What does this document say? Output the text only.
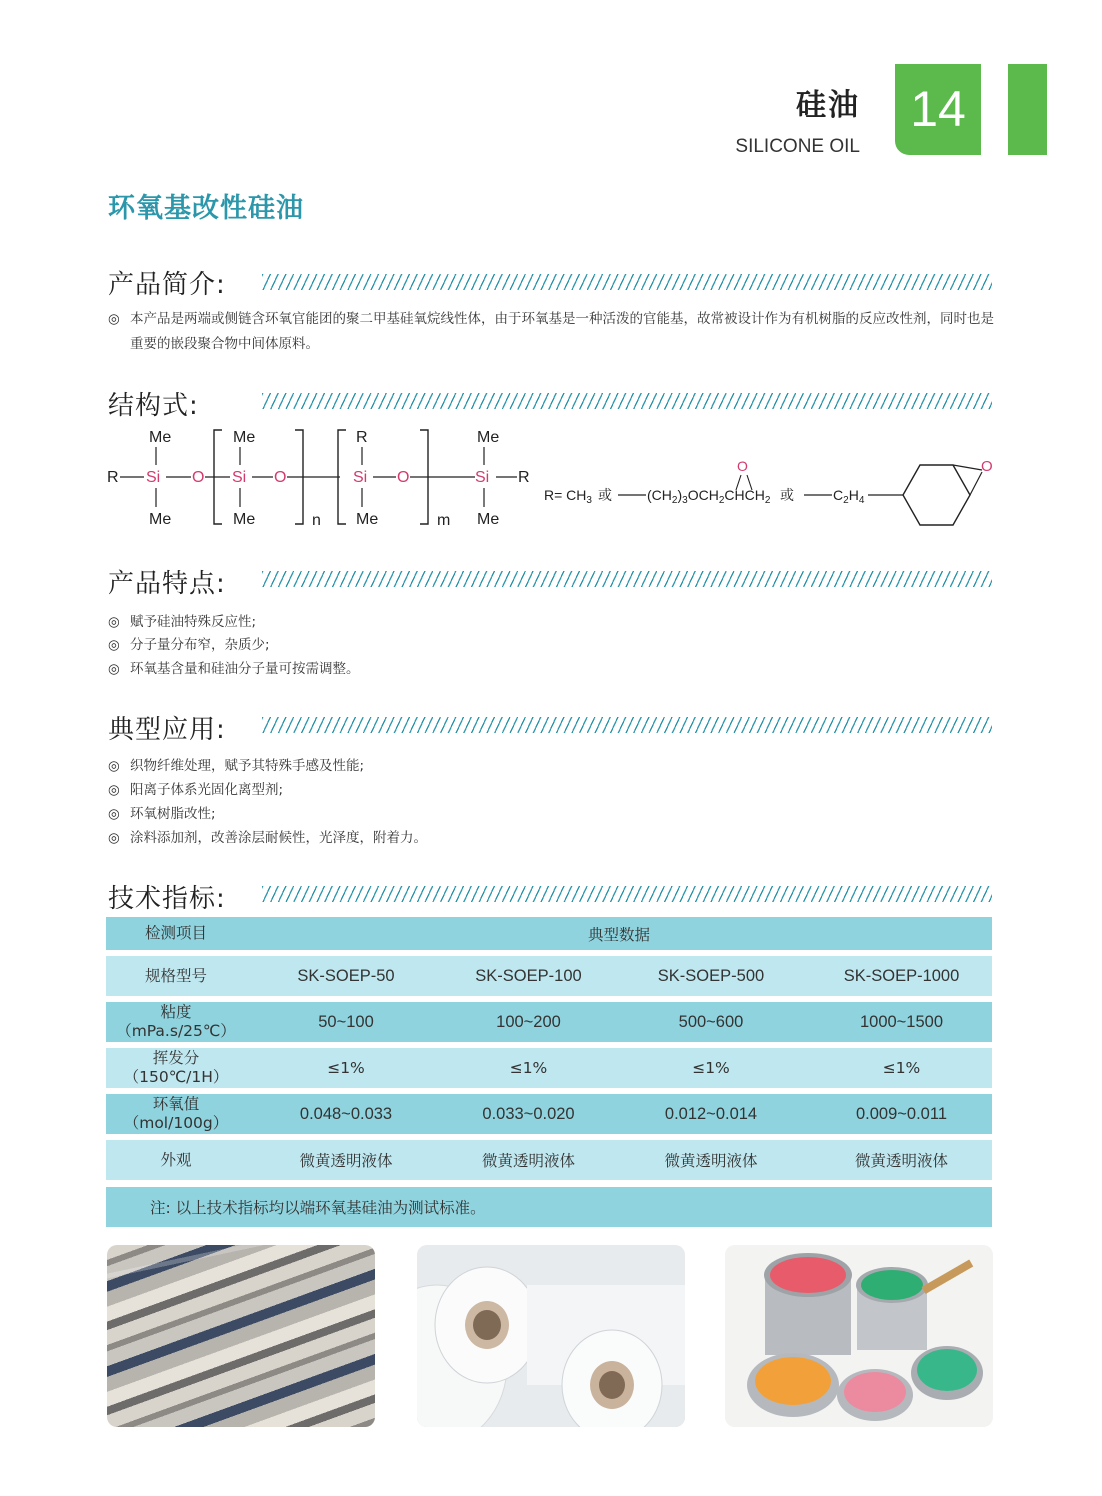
硅油
SILICONE OIL
14
环氧基改性硅油
产品简介:
◎ 本产品是两端或侧链含环氧官能团的聚二甲基硅氧烷线性体，由于环氧基是一种活泼的官能基，故常被设计作为有机树脂的反应改性剂，同时也是重要的嵌段聚合物中间体原料。
结构式:
R Si
Me
Me
O Si
Me
Me
O
n
R
Si
Me
O
m
Si
Me
Me
R
$R= CH_3$ 或	$(CH_2)_3OCH_2CHCH_2$
O
或	$C_2H_4$
O
产品特点:
◎ 赋予硅油特殊反应性;
◎ 分子量分布窄，杂质少;
◎ 环氧基含量和硅油分子量可按需调整。
典型应用:
◎ 织物纤维处理，赋予其特殊手感及性能;
◎ 阳离子体系光固化离型剂;
◎ 环氧树脂改性;
◎ 涂料添加剂，改善涂层耐候性，光泽度，附着力。
技术指标:
检测项目	典型数据
规格型号	SK-SOEP-50	SK-SOEP-100	SK-SOEP-500	SK-SOEP-1000
粘度
（mPa.s/25℃）
50~100	100~200	500~600	1000~1500
挥发分
（150℃/1H）	≤1%	≤1%	≤1%	≤1%
环氧值
（mol/100g）
0.048~0.033	0.033~0.020	0.012~0.014	0.009~0.011
外观	微黄透明液体	微黄透明液体	微黄透明液体	微黄透明液体
注: 以上技术指标均以端环氧基硅油为测试标准。
